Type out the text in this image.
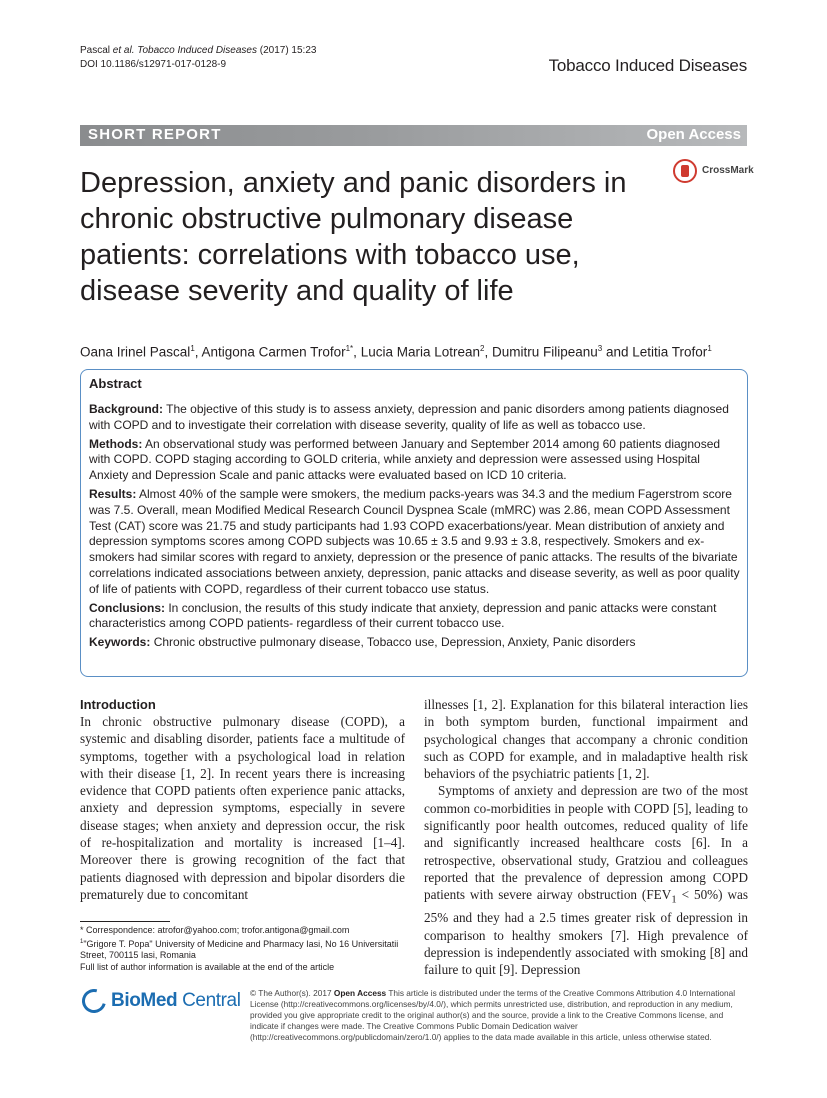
Pascal et al. Tobacco Induced Diseases (2017) 15:23
DOI 10.1186/s12971-017-0128-9	Tobacco Induced Diseases
SHORT REPORT	Open Access
Depression, anxiety and panic disorders in chronic obstructive pulmonary disease patients: correlations with tobacco use, disease severity and quality of life
CrossMark
Oana Irinel Pascal$^1$, Antigona Carmen Trofor$^{1*}$, Lucia Maria Lotrean$^2$, Dumitru Filipeanu$^3$ and Letitia Trofor$^1$
Abstract

Background: The objective of this study is to assess anxiety, depression and panic disorders among patients diagnosed with COPD and to investigate their correlation with disease severity, quality of life as well as tobacco use.

Methods: An observational study was performed between January and September 2014 among 60 patients diagnosed with COPD. COPD staging according to GOLD criteria, while anxiety and depression were assessed using Hospital Anxiety and Depression Scale and panic attacks were evaluated based on ICD 10 criteria.

Results: Almost 40% of the sample were smokers, the medium packs-years was 34.3 and the medium Fagerstrom score was 7.5. Overall, mean Modified Medical Research Council Dyspnea Scale (mMRC) was 2.86, mean COPD Assessment Test (CAT) score was 21.75 and study participants had 1.93 COPD exacerbations/year. Mean distribution of anxiety and depression symptoms scores among COPD subjects was 10.65 ± 3.5 and 9.93 ± 3.8, respectively. Smokers and ex-smokers had similar scores with regard to anxiety, depression or the presence of panic attacks. The results of the bivariate correlations indicated associations between anxiety, depression, panic attacks and disease severity, as well as poor quality of life of patients with COPD, regardless of their current tobacco use status.

Conclusions: In conclusion, the results of this study indicate that anxiety, depression and panic attacks were constant characteristics among COPD patients- regardless of their current tobacco use.

Keywords: Chronic obstructive pulmonary disease, Tobacco use, Depression, Anxiety, Panic disorders

Introduction

In chronic obstructive pulmonary disease (COPD), a systemic and disabling disorder, patients face a multitude of symptoms, together with a psychological load in relation with their disease [1, 2]. In recent years there is increasing evidence that COPD patients often experience panic attacks, anxiety and depression symptoms, especially in severe disease stages; when anxiety and depression occur, the risk of re-hospitalization and mortality is increased [1–4]. Moreover there is growing recognition of the fact that patients diagnosed with depression and bipolar disorders die prematurely due to concomitant

illnesses [1, 2]. Explanation for this bilateral interaction lies in both symptom burden, functional impairment and psychological changes that accompany a chronic condition such as COPD for example, and in maladaptive health risk behaviors of the psychiatric patients [1, 2].

Symptoms of anxiety and depression are two of the most common co-morbidities in people with COPD [5], leading to significantly poor health outcomes, reduced quality of life and significantly increased healthcare costs [6]. In a retrospective, observational study, Gratziou and colleagues reported that the prevalence of depression among COPD patients with severe airway obstruction $(FEV_1 < 50\%)$ was 25% and they had a 2.5 times greater risk of depression in comparison to healthy smokers [7]. High prevalence of depression is independently associated with smoking [8] and failure to quit [9]. Depression

* Correspondence: atrofor@yahoo.com; trofor.antigona@gmail.com

$^1$"Grigore T. Popa" University of Medicine and Pharmacy Iasi, No 16 Universitatii Street, 700115 Iasi, Romania

Full list of author information is available at the end of the article

BioMed Central © The Author(s). 2017 Open Access This article is distributed under the terms of the Creative Commons Attribution 4.0 International License (http://creativecommons.org/licenses/by/4.0/), which permits unrestricted use, distribution, and reproduction in any medium, provided you give appropriate credit to the original author(s) and the source, provide a link to the Creative Commons license, and indicate if changes were made. The Creative Commons Public Domain Dedication waiver (http://creativecommons.org/publicdomain/zero/1.0/) applies to the data made available in this article, unless otherwise stated.
